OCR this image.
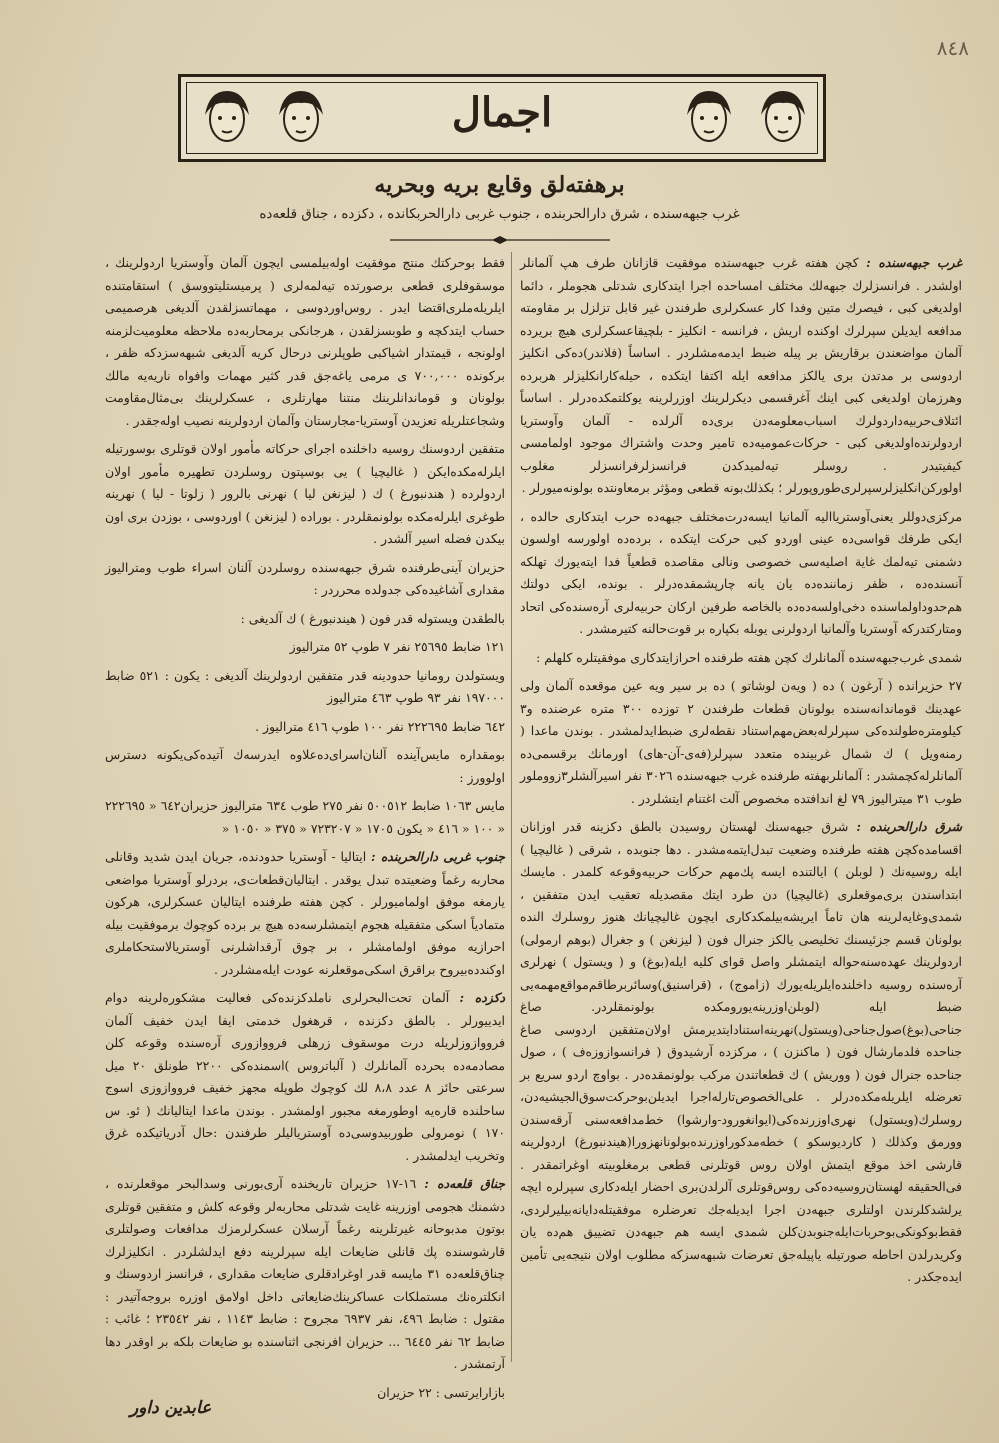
٨٤٨
اجمال
برهفته‌لق وقایع بریه وبحریه
غرب جبهه‌سنده ، شرق دارالحربنده ، جنوب غربی دارالحربکانده ، دکزده ، جناق قلعه‌ده

غرب جبهه‌سنده : کچن هفته غرب جبهه‌سنده موفقیت قازانان طرف هپ آلمانلر اولشدر . فرانسزلرك جبهه‌لك مختلف امساحده اجرا ایتدکاری شدتلی هجوملر ، دائما اولدیغی کبی ، فیصرك متین وفدا کار عسکرلری طرفندن غیر قابل تزلزل بر مقاومته مدافعه ایدیلن سپرلرك اوکنده اریش ، فرانسه - انکلیز - بلچیقاعسکرلری هیچ بریرده آلمان مواضعندن برقاریش بر پیله ضبط ایدمه‌مشلردر . اساساً (فلاندر)ده‌کی انکلیز اردوسی بر مدتدن بری یالکز مدافعه ایله اکتفا ایتکده ، حیله‌کارانکلیزلر هربرده وهرزمان اولدیغی کبی اینك آغرقسمی دیکرلرینك اوزرلرینه یوکلتمکده‌درلر . اساساً ائتلاف‌حربیه‌دار‌دولرك اسباب‌معلومه‌دن بری‌ده آلرلده - آلمان وآوستریا اردولرنده‌اولدیغی کبی - حرکات‌عمومیه‌ده تامیر وحدت واشتراك موجود اولمامسی کیفیتیدر . روسلر تیه‌لمیدکدن فرانسزلرفرانسزلر مغلوب اولورکن‌انکلیزلرسپرلری‌طوروپورلر ؛ بکذلك‌بونه قطعی ومؤثر برمعاونتده بولونه‌میورلر .

مرکزی‌دوللر یعنی‌آوستریاالیه آلمانیا ایسه‌درت‌مختلف جبهه‌ده حرب ایتدکاری حالده ، ایکی طرفك قواسی‌ده عینی اوردو کبی حرکت ایتکده ، برده‌ده اولورسه اولسون دشمنی تیه‌لمك غایة اصلیه‌سی خصوصی ونالی مقاصده قطعیاً فدا ایته‌یورك تهلکه آنسنده‌ده ، ظفر زماننده‌ده یان یانه چارپشمقده‌درلر . بونده، ایکی دولتك هم‌حدوداولماسنده دخی‌اولسه‌ده‌ده بالخاصه طرفین ارکان حربیه‌لری آره‌سنده‌کی اتحاد ومتارکتدرکه آوستریا وآلمانیا اردولرنی یوبله بکپاره بر قوت‌حالنه کتیرمشدر .

شمدی غرب‌جبهه‌سنده آلمانلرك کچن هفته طرفنده احرازایتدکاری موفقیتلره کلهلم :

٢٧ حزیرانده ( آرغون ) ده ( ویه‌ن لوشاتو ) ده بر سیر ویه عین موقعده آلمان ولی عهدینك قوماندانه‌سنده بولونان قطعات طرفندن ٢ توزده ٣٠٠ متره عرضنده و٣ کیلومتره‌طولنده‌کی سپرلرله‌بعض‌مهم‌استناد نقطه‌لری ضبط‌ایدلمشدر . بوندن ماعدا ( رمنه‌ویل ) ك شمال غربینده متعدد سپرلر(فه‌ی-آن-های) اورمانك برقسمی‌ده آلمانلرله‌کچمشدر : آلمانلر‌بهفته طرفنده غرب جبهه‌سنده ٣٠٢٦ نفر اسیرآلشلر٣زووملور طوب ٣١ میترالیوز ٧٩ لغ اندافتده مخصوص آلت اغتنام ایتشلردر .

شرق دارالحربنده : شرق جبهه‌سنك لهستان روسیدن بالطق دکزینه قدر اوزانان اقسامده‌کچن هفته طرفنده وضعیت تبدل‌ایتمه‌مشدر . دها جنوبده ، شرقی ( غالیچیا ) ایله روسیه‌نك ( لوبلن ) ایالتنده ایسه پك‌مهم حرکات حربیه‌وقوعه کلمدر . مایسك ابتداسندن بری‌موقعلری (غالیچیا) دن طرد ایتك مقصدیله تعقیب ایدن متفقین ، شمدی‌وغایه‌لرینه‌ هان تاماً ایریشه‌بیلمکدکاری ایچون غالیچیانك هنوز روسلرك الندە بولونان قسم جزئیسنك تخلیصی یالکز جنرال فون ( لیزنغن ) و جغرال (بوهم ارمولی) اردولرینك عهده‌سنه‌حواله ایتمشلر واصل قوای کلیه ایله(بوغ) و ( ویستول ) نهرلری آره‌سنده روسیه داخلنده‌ایلریله‌یورك (زاموج) ، (قراسنیق)وسائربرطاقم‌مواقع‌مهمه‌یی ضبط ایله (لوبلن‌اوزرینه‌یورومکده بولونمقلردر. صاغ جناحی(بوغ)صول‌جناحی(ویستول)نهرینه‌استناد‌ایتدیرمش اولان‌متفقین اردوسی صاغ جناحده فلدمارشال فون ( ماکنزن ) ، مرکزده آرشیدوق ( فرانسوازوزه‌ف ) ، صول جناحده جنرال فون ( ووریش ) ك قطعاتندن مرکب بولونمقده‌در . بواوچ اردو سریع بر تعرضله ایلریله‌مکده‌درلر . علی‌الخصوص‌تارله‌اجرا ایدیلن‌بوحرکت‌سوق‌الجیشیه‌دن، روسلرك(ویستول) نهری‌اوزرنده‌کی(ایوانغورود-وارشوا) خط‌مدافعه‌سنی آرقه‌سندن وورمق وکذلك ( کاردیوسکو ) خطه‌مدکوراوزرنده‌بولونانهزورا(هیندنبورغ) اردولرینه قارشی اخذ موقع ایتمش اولان روس قوتلرنی قطعی برمغلوبیته اوغراتمقدر . فی‌الحقیقه لهستان‌روسیه‌ده‌کی روس‌قوتلری آلرلدن‌بری احضار ایله‌دکاری سپرلره ایچه یرلشدکلرندن اولتلری جبهه‌دن اجرا ایدیله‌جك تعرضلره موفقیتله‌دایانه‌بیلیرلردی، فقط‌بوکونکی‌بوحربات‌ایله‌جنوبدن‌کلن شمدی ایسه هم جبهه‌دن تضییق هم‌ده یان وکریدرلدن احاطه صورتیله یاپیله‌جق تعرضات شبهه‌سزکه مطلوب اولان نتیجه‌یی تأمین ایده‌جکدر .

فقط بوحرکتك منتج موفقیت اوله‌بیلمسی ایچون آلمان وآوستریا اردولرینك ، موسقوفلری قطعی برصورتده تیه‌لمه‌لری ( پرمیستلیتووسق ) استقامتنده ایلریله‌ملری‌اقتضا ایدر . روس‌اوردوسی ، مهماتسزلقدن آلدیغی هرصمیمی حساب ایتدکچه و طوبسزلقدن ، هرجانکی برمحاربه‌ده ملاحظه معلومیت‌لزمنه‌ اولونجه ، قیمتدار اشیاکبی طوپلرنی درحال کریه آلدیغی شبهه‌سزدکه ظفر ، برکونده ٧٠٠,٠٠٠ ی مرمی یاغه‌جق قدر کثیر مهمات وافواه ناریه‌یه مالك بولونان و قوماندانلرینك منتنا مهارتلری ، عسکرلرینك بی‌مثال‌مقاومت وشجاعتلریله تعزیدن آوستریا-مجارستان وآلمان اردولرینه نصیب اوله‌جقدر .

متفقین اردوسنك روسیه داخلنده اجرای حرکاته مأمور اولان قوتلری بوسورتیله ایلرله‌مکده‌ایکن ( غالیچیا ) یی بوسپتون روسلردن تطهیره مأمور اولان اردولرده ( هندنبورغ ) ك ( لیزنغن لیا ) نهرنی بالرور ( زلوتا - لیا ) نهرینه طوغری ایلرله‌مکده بولونمقلردر . بوراده ( لیزنغن ) اوردوسی ، بوزدن بری اون بیکدن فضله اسیر آلشدر .

حزیران آینی‌طرفنده شرق جبهه‌سنده روسلردن آلنان اسراء طوب ومترالیوز مقداری آشاغیده‌کی جدولده محرردر :

بالطقدن ویستوله قدر فون ( هیندنبورغ ) ك آلدیغی :

١٢١ ضابط ٢٥٦٩٥ نفر ٧ طوپ ٥٢ مترالیوز

ویستولدن رومانیا حدودینه قدر متفقین اردولرینك آلدیغی : یکون : ٥٢١ ضابط ١٩٧٠٠٠ نفر ٩٣ طوپ ٤٦٣ مترالیوز

٦٤٢ ضابط ٢٢٢٦٩٥ نفر ١٠٠ طوپ ٤١٦ مترالیوز .

بومقداره مایس‌آینده آلنان‌اسرای‌ده‌علاوه ایدرسه‌ك آتیده‌کی‌یکونه دسترس اولوورز :

مایس ١٠٦٣ ضابط ٥٠٠٥١٢ نفر ٢٧٥ طوب ٦٣٤ مترالیوز حزیران٦٤٢ « ٢٢٢٦٩٥ « ١٠٠ « ٤١٦ « یکون ١٧٠٥ « ٧٢٣٢٠٧ « ٣٧٥ « ١٠٥٠ «

جنوب غربی دارالحربنده : ایتالیا - آوستریا حدودنده، جریان ایدن شدید وقانلی محاربه رغماً وضعیتده تبدل یوقدر . ایتالیان‌قطعات‌ی، بردرلو آوستریا مواضعی یارمغه موفق اولمامیورلر . کچن هفته طرفنده ایتالیان عسکرلری، هرکون متمادیاً اسکی متفقیله هجوم ایتمشلرسه‌ده هیچ بر برده کوچوك برموفقیت بیله احرازیه موفق اولمامشلر ، بر چوق آرقداشلرنی آوستریالاستحکاملری اوکندده‌بیروح براقرق اسکی‌موقعلرنه عودت ایله‌مشلردر .

دکزده : آلمان تحت‌البحرلری ناملدکزنده‌کی فعالیت مشکوره‌لرینه دوام ایدییورلر . بالطق دکزنده ، قرهغول خدمتی ایفا ایدن خفیف آلمان فرووازوزلریله درت موسقوف زرهلی فرووازوری آره‌سنده وقوعه کلن مصادمه‌ده بحرده آلمانلرك ( آلباتروس )اسمنده‌کی ٢٢٠٠ طونلق ٢٠ میل سرعتی حائز ٨ عدد ٨،٨ لك کوچوك طوپله مجهز خفیف فرووازوزی اسوج ساحلنده قاره‌یه اوطورمغه مجبور اولمشدر . بوندن ماعدا ایتالیانك ( ئو. س ١٧٠ ) نومرولی طوربیدوسی‌ده آوستریالیلر طرفندن :حال آدریاتیکده غرق وتخریب ایدلمشدر .

جناق قلعه‌ده : ١٦-١٧ حزیران تاریخنده آری‌بورنی وسدالبحر موقعلرنده ، دشمنك هجومی اوزرینه غایت شدتلی محاربه‌لر وقوعه کلش و متفقین قوتلری بوتون مدبوحانه غیرتلرینه رغماً آرسلان عسکرلرمزك مدافعات وصولتلری قارشوسنده پك قانلی ضایعات ایله سپرلرینه دفع ایدلشلردر . انکلیزلرك چناق‌قلعه‌ده ٣١ مایسه قدر اوغرادقلری ضایعات مقداری ، فرانسز اردوسنك و انکلتره‌نك مستملکات عساکرینك‌ضایعاتی داخل اولامق اوزره بروجه‌آتیدر : مقتول : ضابط ٤٩٦، نفر ٦٩٣٧ مجروح : ضابط ١١٤٣ ، نفر ٢٣٥٤٢ ؛ غائب : ضابط ٦٢ نفر ٦٤٤٥ ... حزیران افرنجی اثناسنده بو ضایعات بلکه بر اوقدر دها آرتمشدر .

بازارایرتسی : ٢٢ حزیران

عابدین داور
